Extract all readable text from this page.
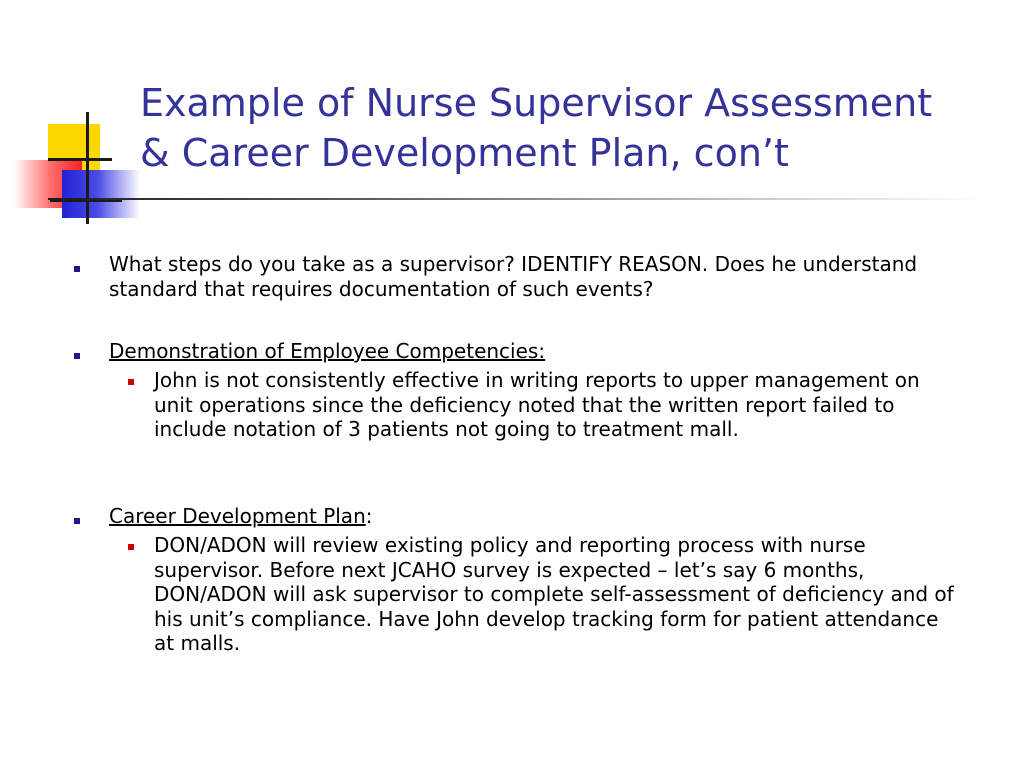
Example of Nurse Supervisor Assessment
& Career Development Plan, con’t

What steps do you take as a supervisor? IDENTIFY REASON. Does he understand standard that requires documentation of such events?

Demonstration of Employee Competencies:

John is not consistently effective in writing reports to upper management on unit operations since the deficiency noted that the written report failed to include notation of 3 patients not going to treatment mall.

Career Development Plan:

DON/ADON will review existing policy and reporting process with nurse supervisor. Before next JCAHO survey is expected – let’s say 6 months, DON/ADON will ask supervisor to complete self-assessment of deficiency and of his unit’s compliance. Have John develop tracking form for patient attendance at malls.
